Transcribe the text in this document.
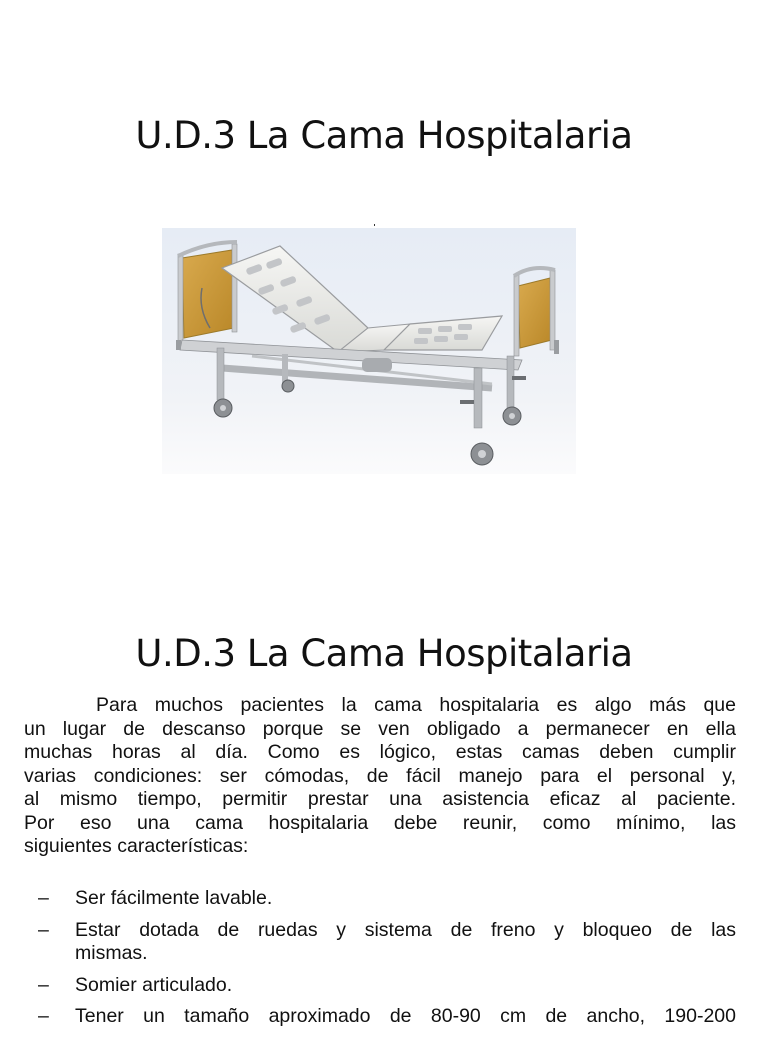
U.D.3 La Cama Hospitalaria
U.D.3 La Cama Hospitalaria
Para muchos pacientes la cama hospitalaria es algo más que
un lugar de descanso porque se ven obligado a permanecer en ella
muchas horas al día. Como es lógico, estas camas deben cumplir
varias condiciones: ser cómodas, de fácil manejo para el personal y,
al mismo tiempo, permitir prestar una asistencia eficaz al paciente.
Por eso una cama hospitalaria debe reunir, como mínimo, las
siguientes características:
– Ser fácilmente lavable.
– Estar dotada de ruedas y sistema de freno y bloqueo de las
mismas.
– Somier articulado.
– Tener un tamaño aproximado de 80-90 cm de ancho, 190-200
